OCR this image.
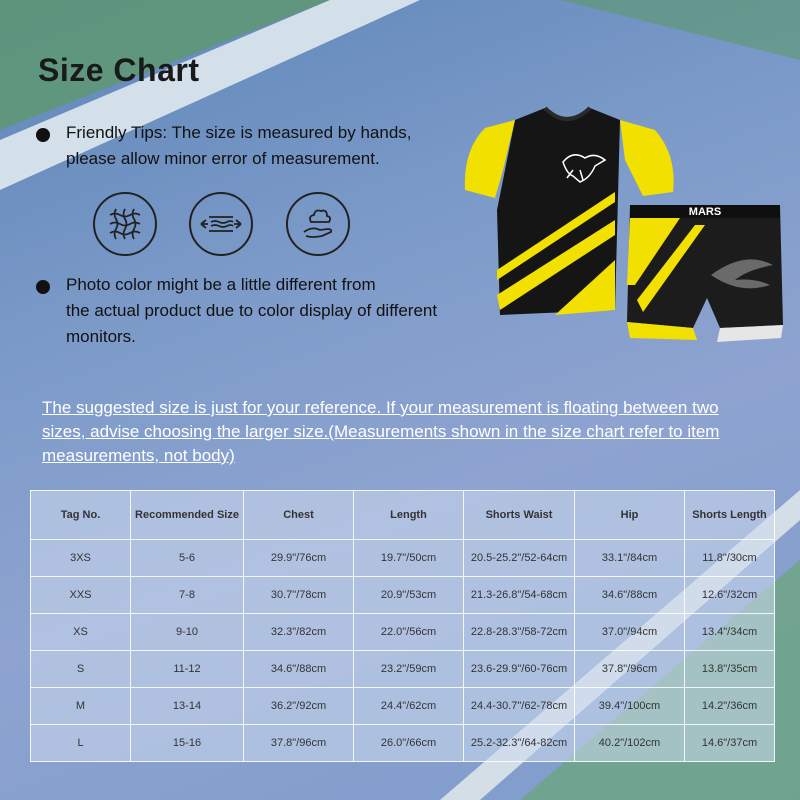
Size Chart
Friendly Tips: The size is measured by hands,
please allow minor error of measurement.
Photo color might be a little different from
the actual product due to color display of different
monitors.
MARS
The suggested size is just for your reference. If your measurement is floating between two sizes, advise choosing the larger size.(Measurements shown in the size chart refer to item measurements, not body)
Tag No.	Recommended Size	Chest	Length	Shorts Waist	Hip	Shorts Length
3XS	5-6	29.9"/76cm	19.7"/50cm	20.5-25.2"/52-64cm	33.1"/84cm	11.8"/30cm
XXS	7-8	30.7"/78cm	20.9"/53cm	21.3-26.8"/54-68cm	34.6"/88cm	12.6"/32cm
XS	9-10	32.3"/82cm	22.0"/56cm	22.8-28.3"/58-72cm	37.0"/94cm	13.4"/34cm
S	11-12	34.6"/88cm	23.2"/59cm	23.6-29.9"/60-76cm	37.8"/96cm	13.8"/35cm
M	13-14	36.2"/92cm	24.4"/62cm	24.4-30.7"/62-78cm	39.4"/100cm	14.2"/36cm
L	15-16	37.8"/96cm	26.0"/66cm	25.2-32.3"/64-82cm	40.2"/102cm	14.6"/37cm
